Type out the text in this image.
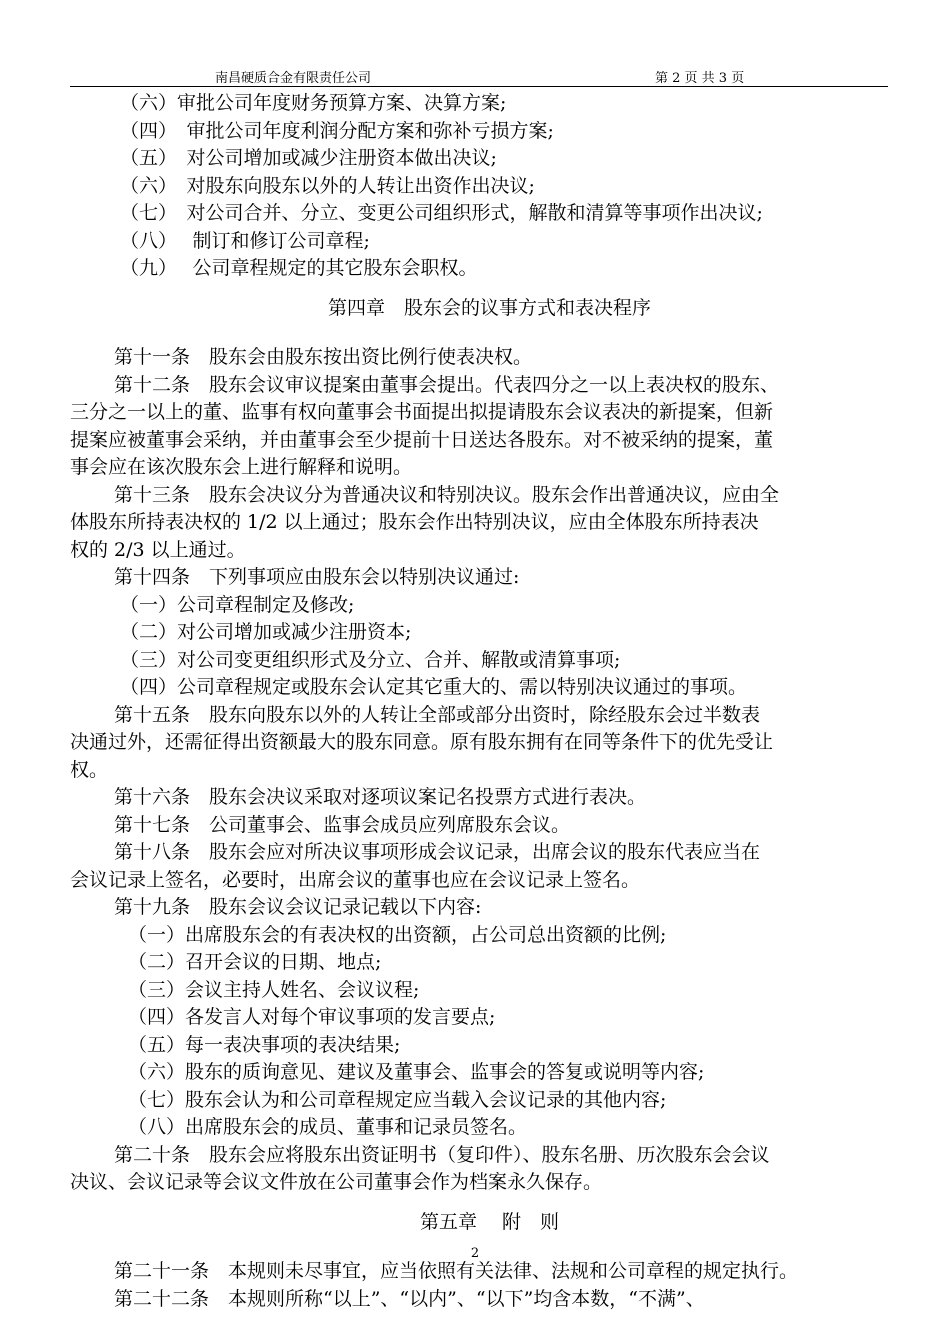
南昌硬质合金有限责任公司	第 2 页 共 3 页
（六）审批公司年度财务预算方案、决算方案;
（四）　审批公司年度利润分配方案和弥补亏损方案;
（五）　对公司增加或减少注册资本做出决议;
（六）　对股东向股东以外的人转让出资作出决议;
（七）　对公司合并、分立、变更公司组织形式，解散和清算等事项作出决议;
（八）　 制订和修订公司章程;
（九）　 公司章程规定的其它股东会职权。
第四章　股东会的议事方式和表决程序
第十一条　股东会由股东按出资比例行使表决权。
第十二条　股东会议审议提案由董事会提出。代表四分之一以上表决权的股东、
三分之一以上的董、监事有权向董事会书面提出拟提请股东会议表决的新提案，但新
提案应被董事会采纳，并由董事会至少提前十日送达各股东。对不被采纳的提案，董
事会应在该次股东会上进行解释和说明。
第十三条　股东会决议分为普通决议和特别决议。股东会作出普通决议，应由全
体股东所持表决权的 1/2 以上通过；股东会作出特别决议，应由全体股东所持表决
权的 2/3 以上通过。
第十四条　下列事项应由股东会以特别决议通过:
（一）公司章程制定及修改;
（二）对公司增加或减少注册资本;
（三）对公司变更组织形式及分立、合并、解散或清算事项;
（四）公司章程规定或股东会认定其它重大的、需以特别决议通过的事项。
第十五条　股东向股东以外的人转让全部或部分出资时，除经股东会过半数表
决通过外，还需征得出资额最大的股东同意。原有股东拥有在同等条件下的优先受让
权。
第十六条　股东会决议采取对逐项议案记名投票方式进行表决。
第十七条　公司董事会、监事会成员应列席股东会议。
第十八条　股东会应对所决议事项形成会议记录，出席会议的股东代表应当在
会议记录上签名，必要时，出席会议的董事也应在会议记录上签名。
第十九条　股东会议会议记录记载以下内容:
（一）出席股东会的有表决权的出资额，占公司总出资额的比例;
（二）召开会议的日期、地点;
（三）会议主持人姓名、会议议程;
（四）各发言人对每个审议事项的发言要点;
（五）每一表决事项的表决结果;
（六）股东的质询意见、建议及董事会、监事会的答复或说明等内容;
（七）股东会认为和公司章程规定应当载入会议记录的其他内容;
（八）出席股东会的成员、董事和记录员签名。
第二十条　股东会应将股东出资证明书（复印件）、股东名册、历次股东会会议
决议、会议记录等会议文件放在公司董事会作为档案永久保存。
第五章　 附　则
第二十一条　本规则未尽事宜，应当依照有关法律、法规和公司章程的规定执行。
第二十二条　本规则所称“以上”、“以内”、“以下”均含本数，“不满”、
2
